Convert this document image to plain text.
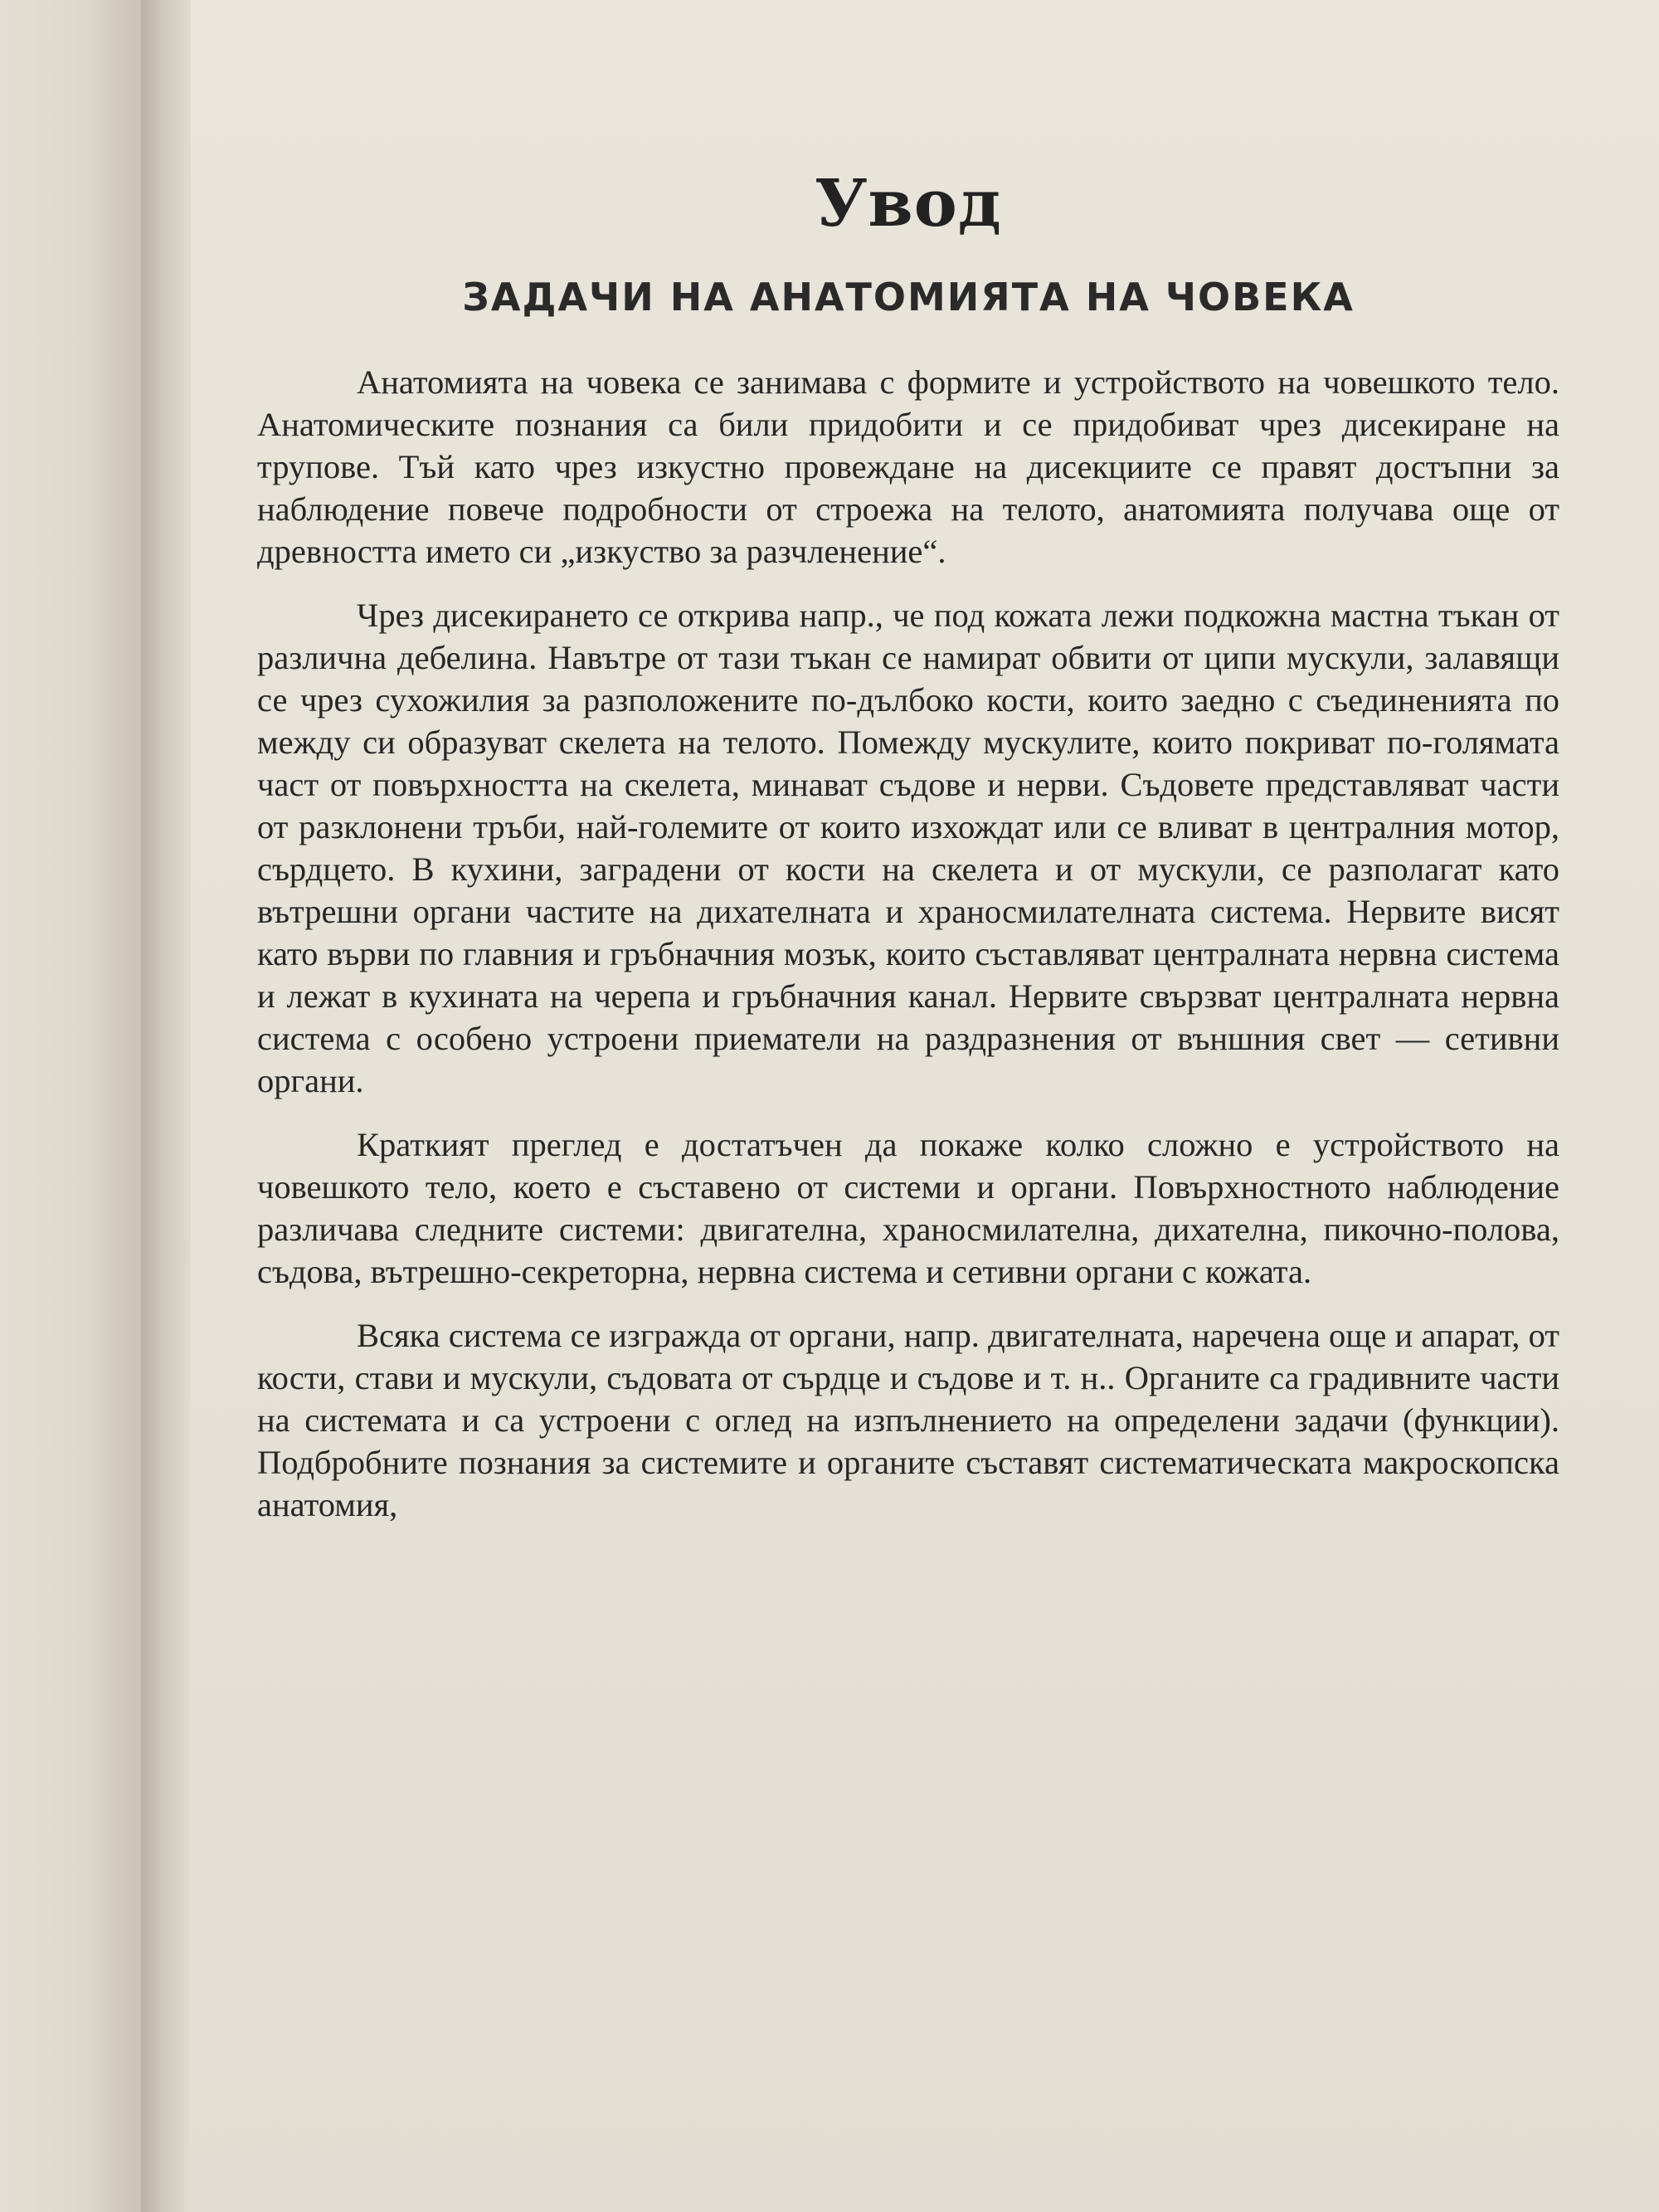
Увод
ЗАДАЧИ НА АНАТОМИЯТА НА ЧОВЕКА

Анатомията на човека се занимава с формите и устройството на човешкото тело. Анатомическите познания са били придобити и се придобиват чрез дисекиране на трупове. Тъй като чрез изкустно провеждане на дисекциите се правят достъпни за наблюдение повече подробности от строежа на телото, анатомията получава още от древността името си „изкуство за разчленение“.

Чрез дисекирането се открива напр., че под кожата лежи подкожна мастна тъкан от различна дебелина. Навътре от тази тъкан се намират обвити от ципи мускули, залавящи се чрез сухожилия за разположените по-дълбоко кости, които заедно с съединенията по между си образуват скелета на телото. Помежду мускулите, които покриват по-голямата част от повърхността на скелета, минават съдове и нерви. Съдовете представляват части от разклонени тръби, най-големите от които изхождат или се вливат в централния мотор, сърдцето. В кухини, заградени от кости на скелета и от мускули, се разполагат като вътрешни органи частите на дихателната и храносмилателната система. Нервите висят като върви по главния и гръбначния мозък, които съставляват централната нервна система и лежат в кухината на черепа и гръбначния канал. Нервите свързват централната нервна система с особено устроени приематели на раздразнения от външния свет — сетивни органи.

Краткият преглед е достатъчен да покаже колко сложно е устройството на човешкото тело, което е съставено от системи и органи. Повърхностното наблюдение различава следните системи: двигателна, храносмилателна, дихателна, пикочно-полова, съдова, вътрешно-секреторна, нервна система и сетивни органи с кожата.

Всяка система се изгражда от органи, напр. двигателната, наречена още и апарат, от кости, стави и мускули, съдовата от сърдце и съдове и т. н.. Органите са градивните части на системата и са устроени с оглед на изпълнението на определени задачи (функции). Подбробните познания за системите и органите съставят систематическата макроскопска анатомия,
